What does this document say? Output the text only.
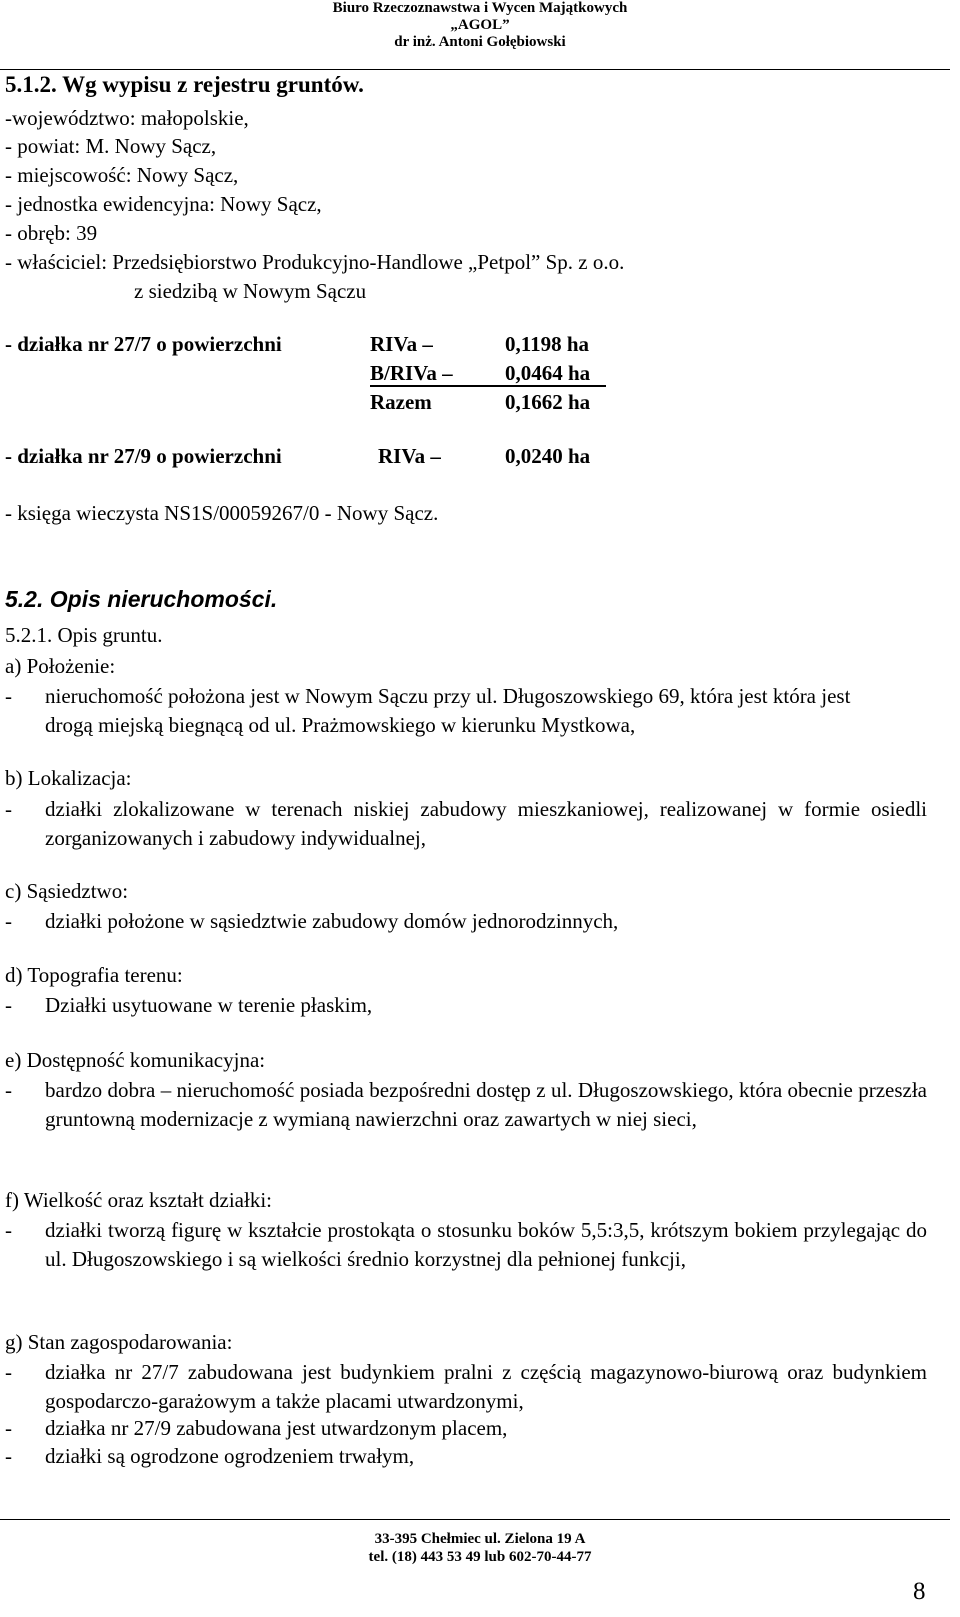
Biuro Rzeczoznawstwa i Wycen Majątkowych
„AGOL”
dr inż. Antoni Gołębiowski
5.1.2. Wg wypisu z rejestru gruntów.
-województwo: małopolskie,
- powiat: M. Nowy Sącz,
- miejscowość: Nowy Sącz,
- jednostka ewidencyjna: Nowy Sącz,
- obręb: 39
- właściciel: Przedsiębiorstwo Produkcyjno-Handlowe „Petpol” Sp. z o.o.
z siedzibą w Nowym Sączu
- działka nr 27/7 o powierzchni	RIVa –	0,1198 ha
B/RIVa – 0,0464 ha
Razem	0,1662 ha
- działka nr 27/9 o powierzchni	RIVa –	0,0240 ha
- księga wieczysta NS1S/00059267/0 - Nowy Sącz.
5.2. Opis nieruchomości.
5.2.1. Opis gruntu.
a) Położenie:
- nieruchomość położona jest w Nowym Sączu przy ul. Długoszowskiego 69, która jest która jest drogą miejską biegnącą od ul. Prażmowskiego w kierunku Mystkowa,
b) Lokalizacja:
- działki zlokalizowane w terenach niskiej zabudowy mieszkaniowej, realizowanej w formie osiedli zorganizowanych i zabudowy indywidualnej,
c) Sąsiedztwo:
- działki położone w sąsiedztwie zabudowy domów jednorodzinnych,
d) Topografia terenu:
- Działki usytuowane w terenie płaskim,
e) Dostępność komunikacyjna:
- bardzo dobra – nieruchomość posiada bezpośredni dostęp z ul. Długoszowskiego, która obecnie przeszła gruntowną modernizacje z wymianą nawierzchni oraz zawartych w niej sieci,
f) Wielkość oraz kształt działki:
- działki tworzą figurę w kształcie prostokąta o stosunku boków 5,5:3,5, krótszym bokiem przylegając do ul. Długoszowskiego i są wielkości średnio korzystnej dla pełnionej funkcji,
g) Stan zagospodarowania:
- działka nr 27/7 zabudowana jest budynkiem pralni z częścią magazynowo-biurową oraz budynkiem gospodarczo-garażowym a także placami utwardzonymi,
- działka nr 27/9 zabudowana jest utwardzonym placem,
- działki są ogrodzone ogrodzeniem trwałym,
33-395 Chełmiec ul. Zielona 19 A
tel. (18) 443 53 49 lub 602-70-44-77
8
